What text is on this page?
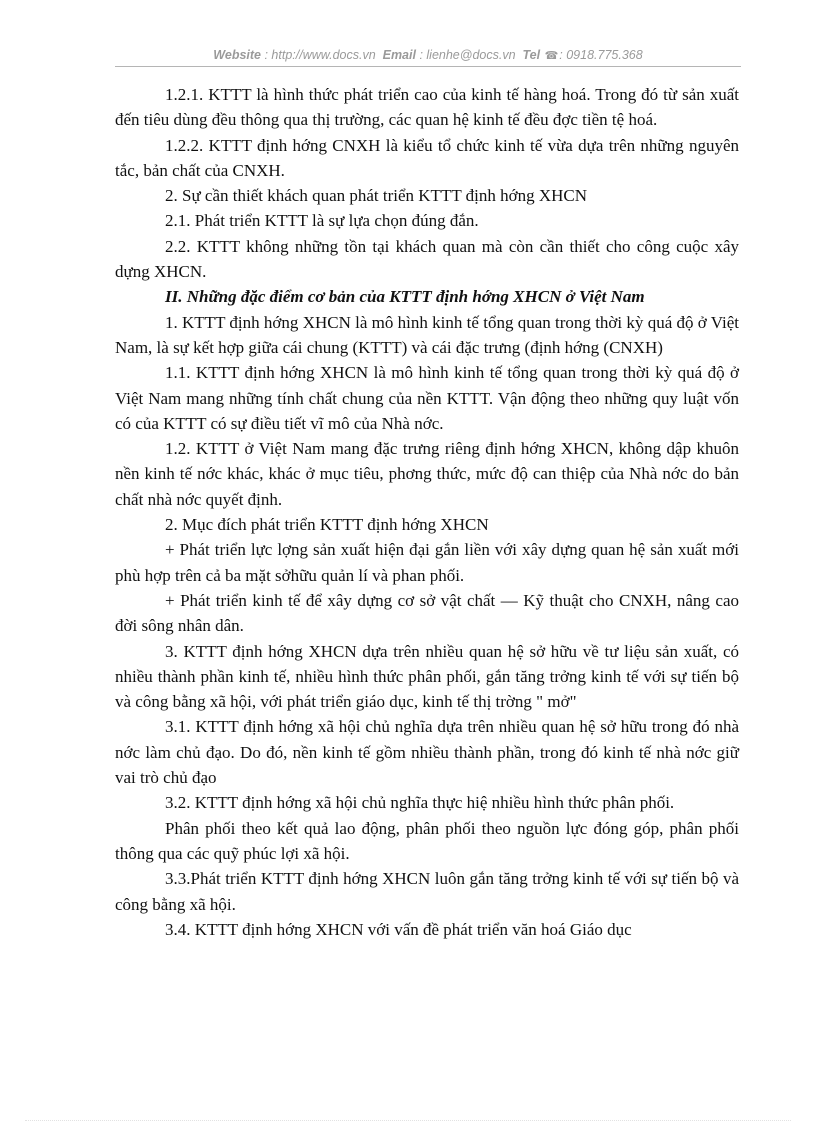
Website : http://www.docs.vn Email : lienhe@docs.vn Tel ☎: 0918.775.368

1.2.1. KTTT là hình thức phát triển cao của kinh tế hàng hoá. Trong đó từ sản xuất đến tiêu dùng đều thông qua thị trường, các quan hệ kinh tế đều đợc tiền tệ hoá.

1.2.2. KTTT định hớng CNXH là kiểu tổ chức kinh tế vừa dựa trên những nguyên tắc, bản chất của CNXH.

2. Sự cần thiết khách quan phát triển KTTT định hớng XHCN

2.1. Phát triển KTTT là sự lựa chọn đúng đắn.

2.2. KTTT không những tồn tại khách quan mà còn cần thiết cho công cuộc xây dựng XHCN.

II. Những đặc điểm cơ bản của KTTT định hớng XHCN ở Việt Nam

1. KTTT định hớng XHCN là mô hình kinh tế tổng quan trong thời kỳ quá độ ở Việt Nam, là sự kết hợp giữa cái chung (KTTT) và cái đặc trưng (định hớng (CNXH)

1.1. KTTT định hớng XHCN là mô hình kinh tế tổng quan trong thời kỳ quá độ ở Việt Nam mang những tính chất chung của nền KTTT. Vận động theo những quy luật vốn có của KTTT có sự điều tiết vĩ mô của Nhà nớc.

1.2. KTTT ở Việt Nam mang đặc trưng riêng định hớng XHCN, không dập khuôn nền kinh tế nớc khác, khác ở mục tiêu, phơng thức, mức độ can thiệp của Nhà nớc do bản chất nhà nớc quyết định.

2. Mục đích phát triển KTTT định hớng XHCN

+ Phát triển lực lợng sản xuất hiện đại gắn liền với xây dựng quan hệ sản xuất mới phù hợp trên cả ba mặt sởhữu quản lí và phan phối.

+ Phát triển kinh tế để xây dựng cơ sở vật chất — Kỹ thuật cho CNXH, nâng cao đời sông nhân dân.

3. KTTT định hớng XHCN dựa trên nhiều quan hệ sở hữu về tư liệu sản xuất, có nhiều thành phần kinh tế, nhiều hình thức phân phối, gắn tăng trởng kinh tế với sự tiến bộ và công bằng xã hội, với phát triển giáo dục, kinh tế thị trờng " mở"

3.1. KTTT định hớng xã hội chủ nghĩa dựa trên nhiều quan hệ sở hữu trong đó nhà nớc làm chủ đạo. Do đó, nền kinh tế gồm nhiều thành phần, trong đó kinh tế nhà nớc giữ vai trò chủ đạo

3.2. KTTT định hớng xã hội chủ nghĩa thực hiệ nhiều hình thức phân phối.

Phân phối theo kết quả lao động, phân phối theo nguồn lực đóng góp, phân phối thông qua các quỹ phúc lợi xã hội.

3.3.Phát triển KTTT định hớng XHCN luôn gắn tăng trởng kinh tế với sự tiến bộ và công bằng xã hội.

3.4. KTTT định hớng XHCN với vấn đề phát triển văn hoá Giáo dục
